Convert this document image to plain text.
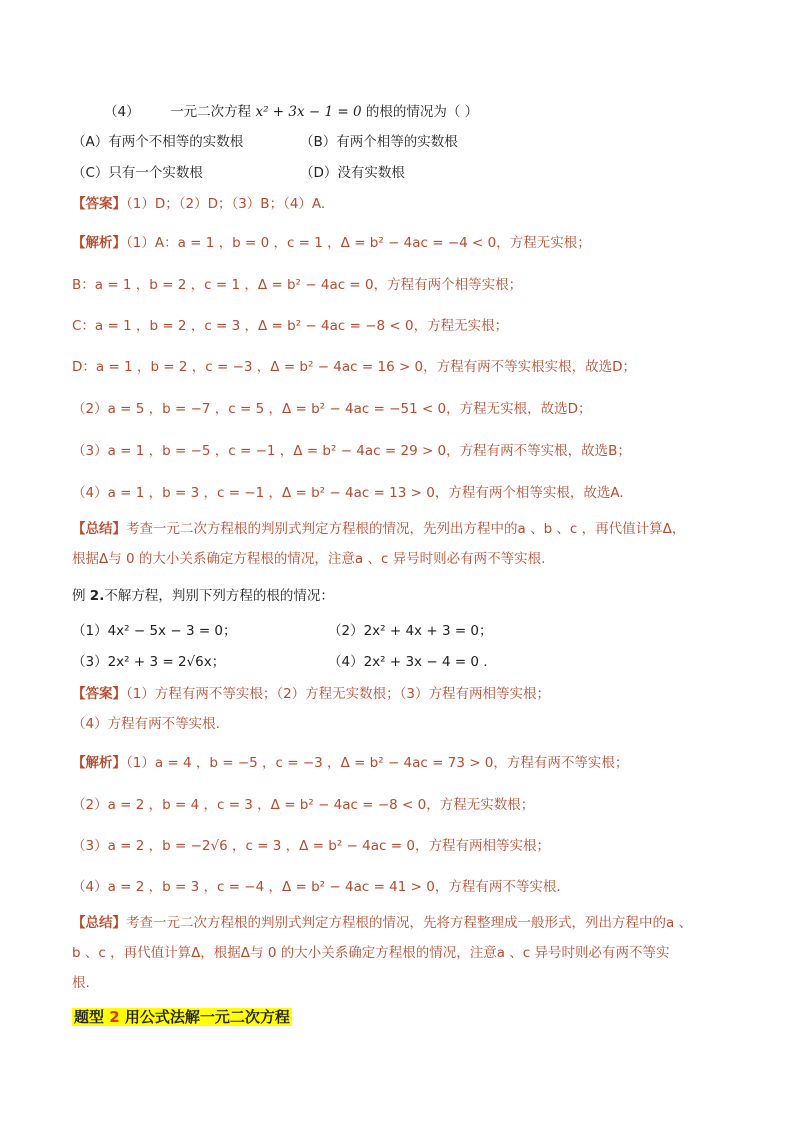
（4） 一元二次方程 x² + 3x − 1 = 0 的根的情况为（ ）
（A）有两个不相等的实数根	（B）有两个相等的实数根
（C）只有一个实数根	（D）没有实数根
【答案】（1）D；（2）D；（3）B；（4）A.
【解析】（1）A：a = 1 ，b = 0 ，c = 1 ，Δ = b² − 4ac = −4 < 0，方程无实根；
B：a = 1 ，b = 2 ，c = 1 ，Δ = b² − 4ac = 0，方程有两个相等实根；
C：a = 1 ，b = 2 ，c = 3 ，Δ = b² − 4ac = −8 < 0，方程无实根；
D：a = 1 ，b = 2 ，c = −3 ，Δ = b² − 4ac = 16 > 0，方程有两不等实根实根，故选D；
（2）a = 5 ，b = −7 ，c = 5 ，Δ = b² − 4ac = −51 < 0，方程无实根，故选D；
（3）a = 1 ，b = −5 ，c = −1 ，Δ = b² − 4ac = 29 > 0，方程有两不等实根，故选B；
（4）a = 1 ，b = 3 ，c = −1 ，Δ = b² − 4ac = 13 > 0，方程有两个相等实根，故选A.
【总结】考查一元二次方程根的判别式判定方程根的情况，先列出方程中的a 、b 、c ，再代值计算Δ，
根据Δ与 0 的大小关系确定方程根的情况，注意a 、c 异号时则必有两不等实根.
例 2.不解方程，判别下列方程的根的情况：
（1）4x² − 5x − 3 = 0；	（2）2x² + 4x + 3 = 0；
（3）2x² + 3 = 2√6x；	（4）2x² + 3x − 4 = 0 .
【答案】（1）方程有两不等实根；（2）方程无实数根；（3）方程有两相等实根；
（4）方程有两不等实根.
【解析】（1）a = 4 ，b = −5 ，c = −3 ，Δ = b² − 4ac = 73 > 0，方程有两不等实根；
（2）a = 2 ，b = 4 ，c = 3 ，Δ = b² − 4ac = −8 < 0，方程无实数根；
（3）a = 2 ，b = −2√6 ，c = 3 ，Δ = b² − 4ac = 0，方程有两相等实根；
（4）a = 2 ，b = 3 ，c = −4 ，Δ = b² − 4ac = 41 > 0，方程有两不等实根.
【总结】考查一元二次方程根的判别式判定方程根的情况，先将方程整理成一般形式，列出方程中的a 、
b 、c ，再代值计算Δ，根据Δ与 0 的大小关系确定方程根的情况，注意a 、c 异号时则必有两不等实
根.
题型 2 用公式法解一元二次方程
